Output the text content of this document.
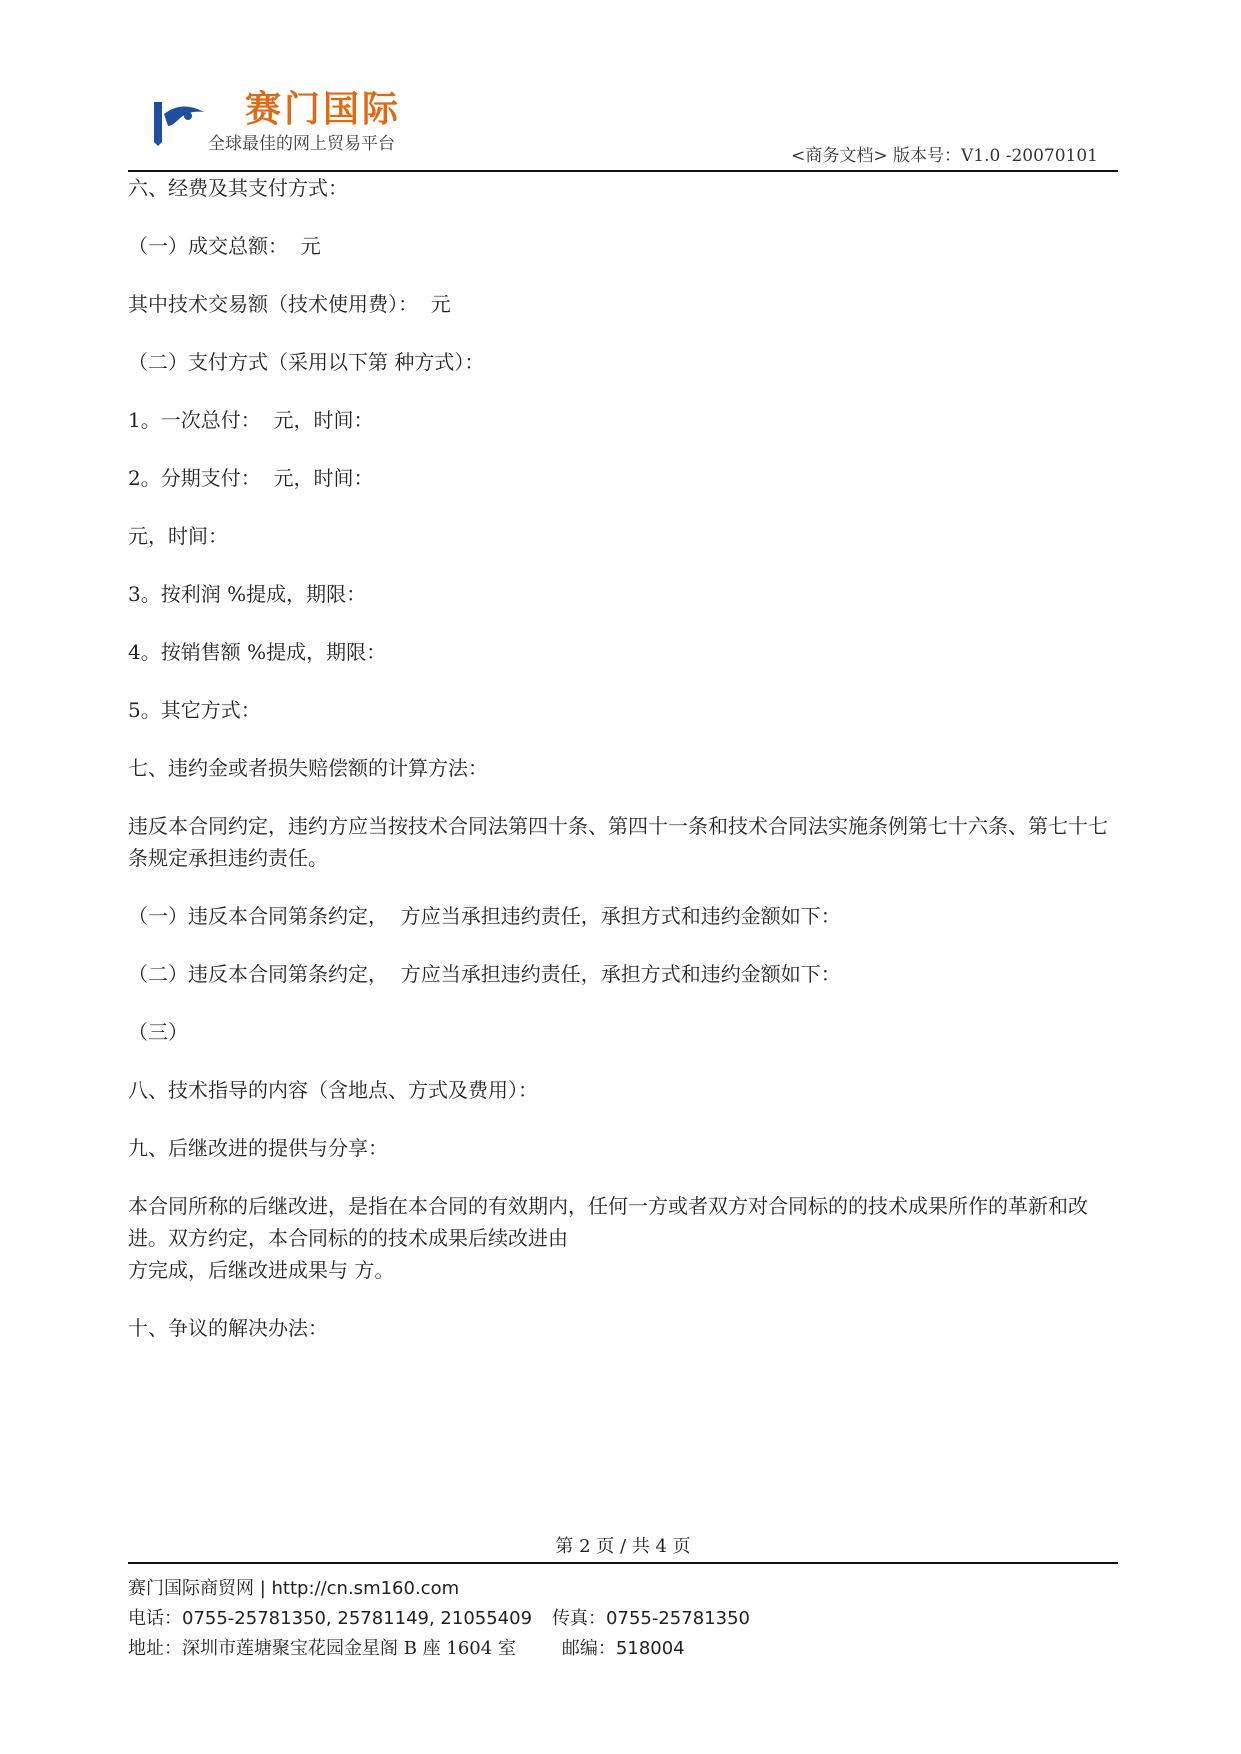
赛门国际
全球最佳的网上贸易平台
<商务文档> 版本号：V1.0 -20070101

六、经费及其支付方式：

（一）成交总额：  元

其中技术交易额（技术使用费）：  元

（二）支付方式（采用以下第 种方式）：

1。一次总付：  元，时间：

2。分期支付：  元，时间：

元，时间：

3。按利润 %提成，期限：

4。按销售额 %提成，期限：

5。其它方式：

七、违约金或者损失赔偿额的计算方法：

违反本合同约定，违约方应当按技术合同法第四十条、第四十一条和技术合同法实施条例第七十六条、第七十七条规定承担违约责任。

（一）违反本合同第条约定，  方应当承担违约责任，承担方式和违约金额如下：

（二）违反本合同第条约定，  方应当承担违约责任，承担方式和违约金额如下：

（三）

八、技术指导的内容（含地点、方式及费用）：

九、后继改进的提供与分享：

本合同所称的后继改进，是指在本合同的有效期内，任何一方或者双方对合同标的的技术成果所作的革新和改进。双方约定，本合同标的的技术成果后续改进由
方完成，后继改进成果与 方。

十、争议的解决办法：

第 2 页 / 共 4 页
赛门国际商贸网 | http://cn.sm160.com
电话：0755-25781350, 25781149, 21055409 传真：0755-25781350
地址：深圳市莲塘聚宝花园金星阁 B 座 1604 室	邮编：518004
